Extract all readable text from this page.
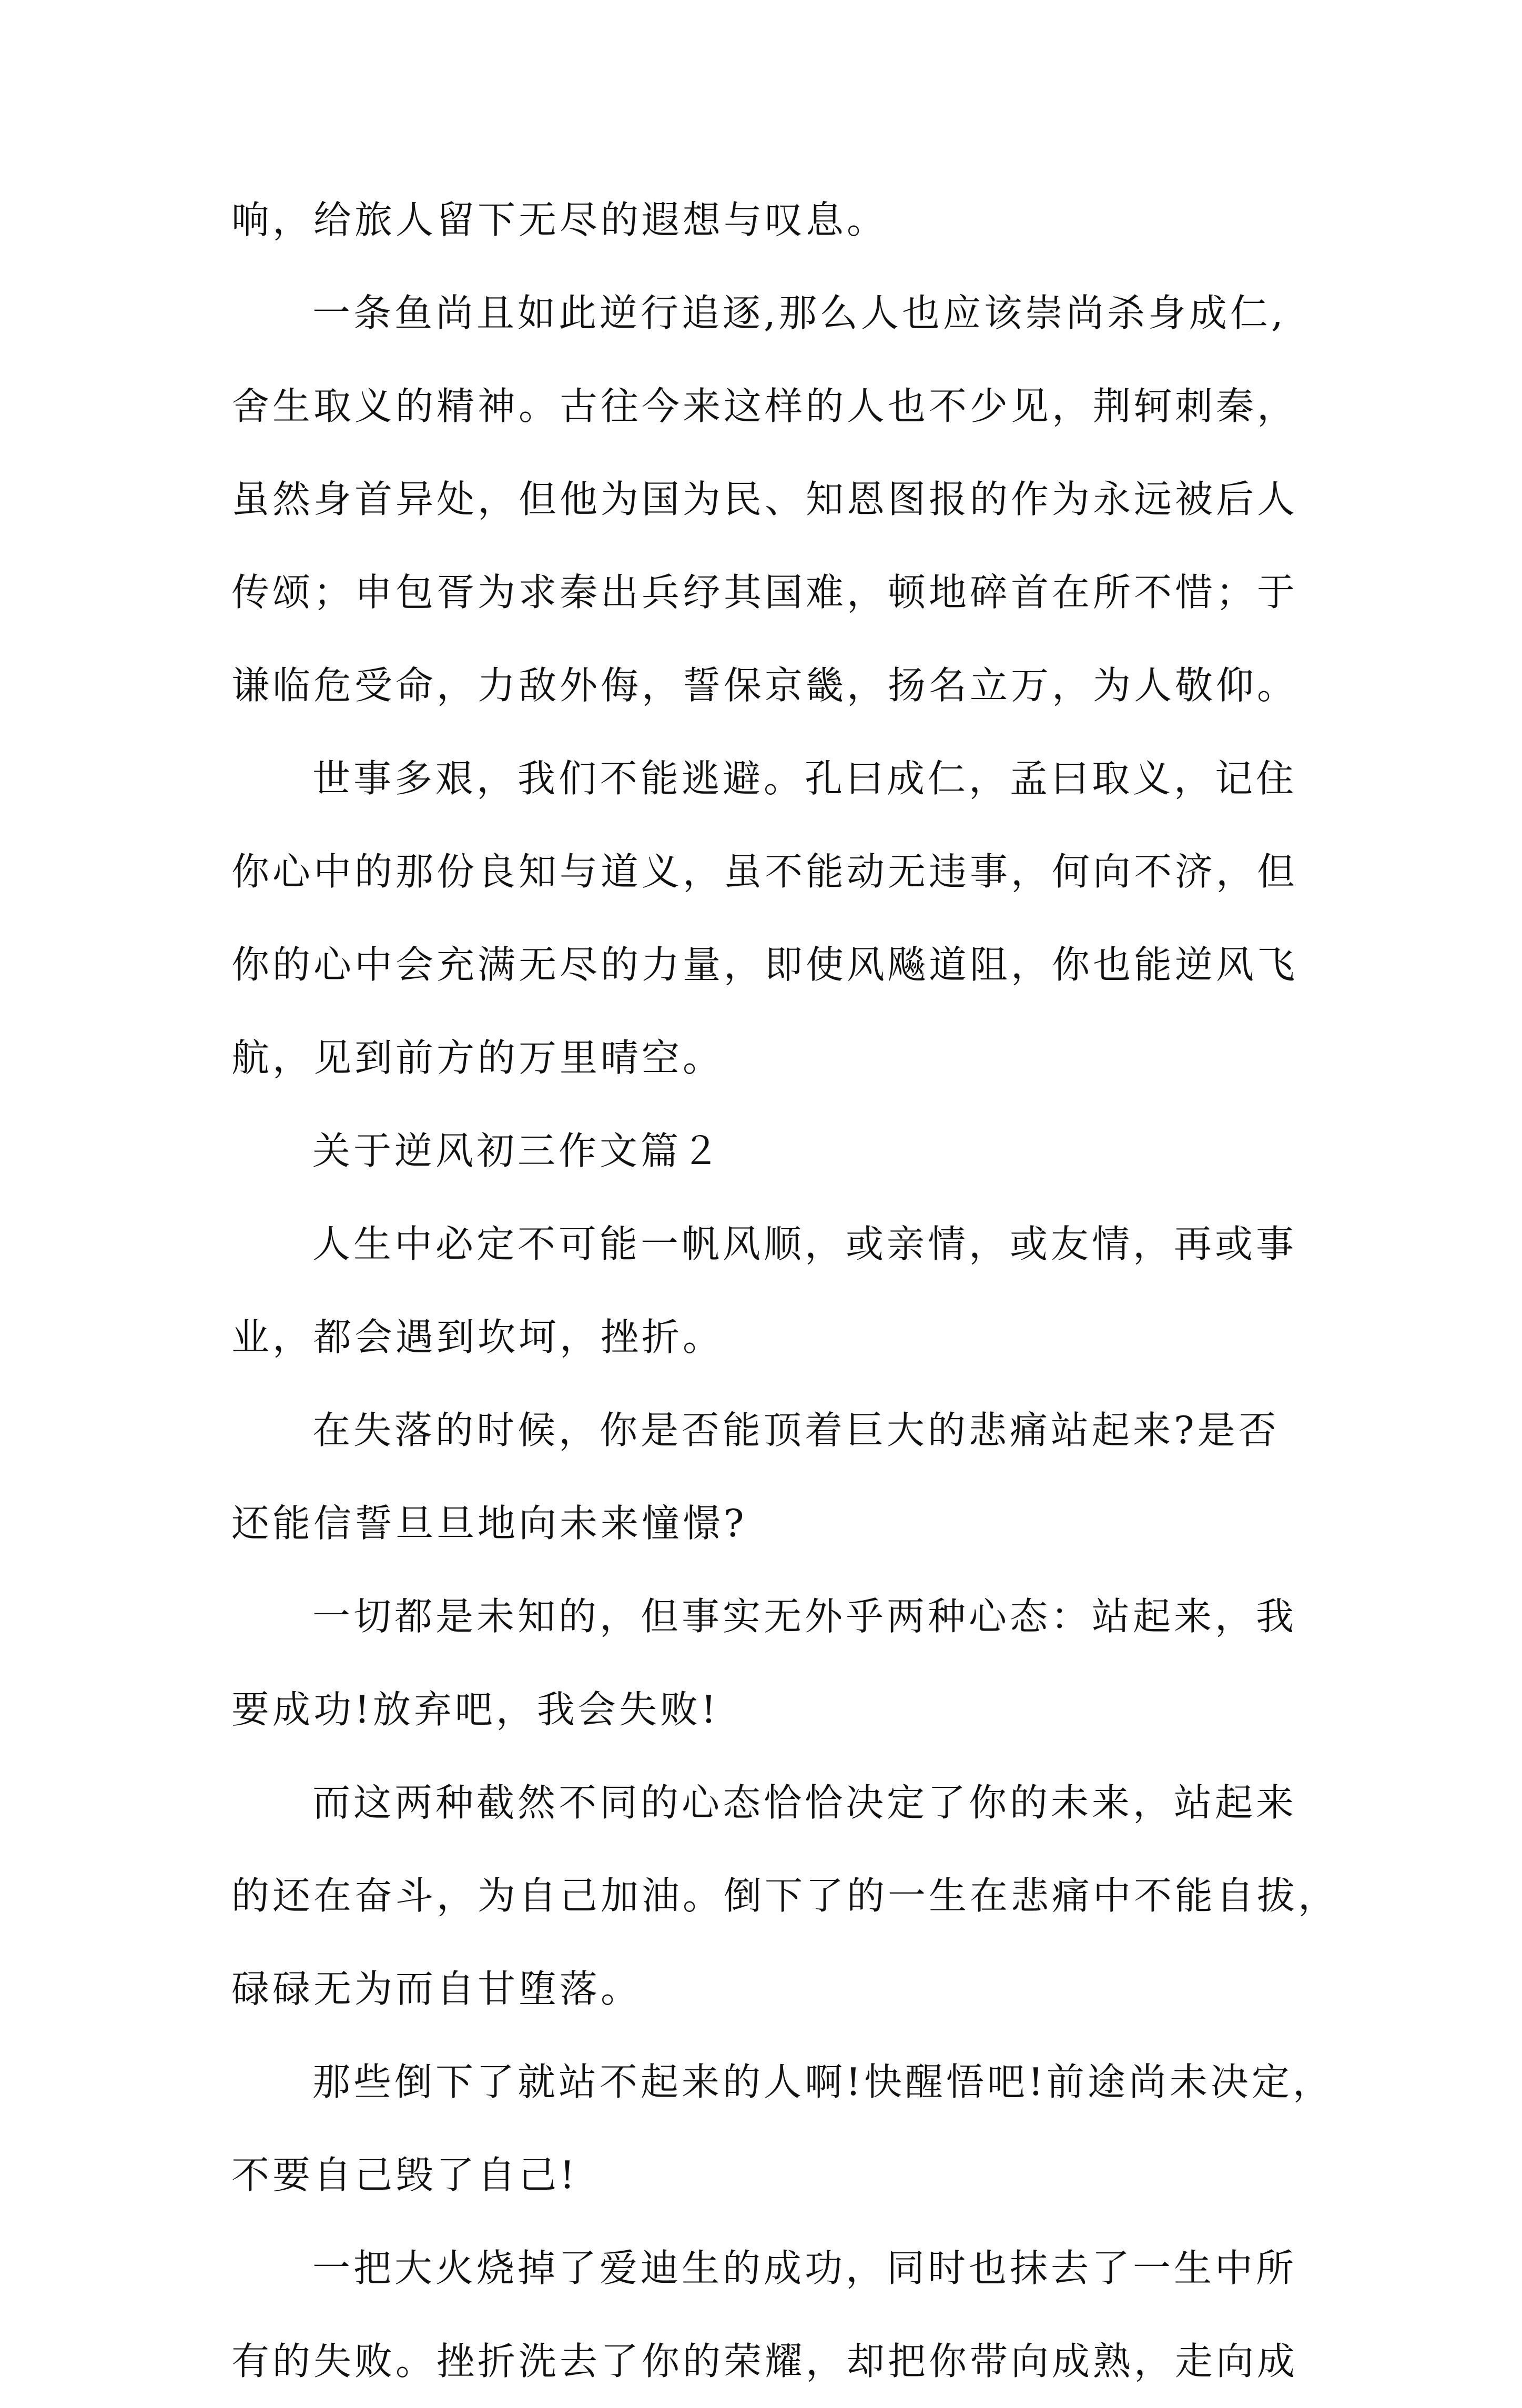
响，给旅人留下无尽的遐想与叹息。
一条鱼尚且如此逆行追逐,那么人也应该崇尚杀身成仁,
舍生取义的精神。古往今来这样的人也不少见，荆轲刺秦，
虽然身首异处，但他为国为民、知恩图报的作为永远被后人
传颂；申包胥为求秦出兵纾其国难，顿地碎首在所不惜；于
谦临危受命，力敌外侮，誓保京畿，扬名立万，为人敬仰。
世事多艰，我们不能逃避。孔曰成仁，孟曰取义，记住
你心中的那份良知与道义，虽不能动无违事，何向不济，但
你的心中会充满无尽的力量，即使风飚道阻，你也能逆风飞
航，见到前方的万里晴空。
关于逆风初三作文篇２
人生中必定不可能一帆风顺，或亲情，或友情，再或事
业，都会遇到坎坷，挫折。
在失落的时候，你是否能顶着巨大的悲痛站起来?是否
还能信誓旦旦地向未来憧憬?
一切都是未知的，但事实无外乎两种心态：站起来，我
要成功!放弃吧，我会失败!
而这两种截然不同的心态恰恰决定了你的未来，站起来
的还在奋斗，为自己加油。倒下了的一生在悲痛中不能自拔，
碌碌无为而自甘堕落。
那些倒下了就站不起来的人啊!快醒悟吧!前途尚未决定，
不要自己毁了自己!
一把大火烧掉了爱迪生的成功，同时也抹去了一生中所
有的失败。挫折洗去了你的荣耀，却把你带向成熟，走向成
